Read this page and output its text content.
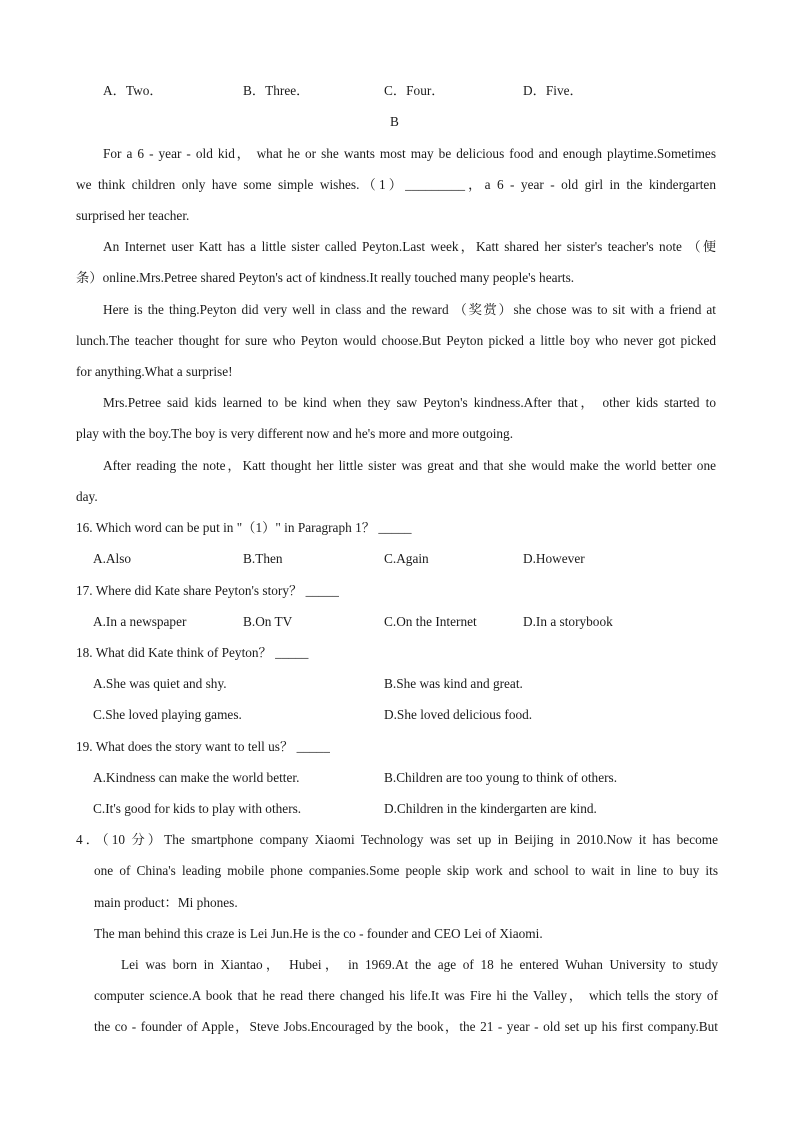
A．Two．	B．Three．	C．Four．	D．Five．
B
For a 6 - year - old kid， what he or she wants most may be delicious food and enough playtime.Sometimes
we think children only have some simple wishes.（1）_________，a 6 - year - old girl in the kindergarten
surprised her teacher.
An Internet user Katt has a little sister called Peyton.Last week，Katt shared her sister's teacher's note （便
条）online.Mrs.Petree shared Peyton's act of kindness.It really touched many people's hearts.
Here is the thing.Peyton did very well in class and the reward （奖赏）she chose was to sit with a friend at
lunch.The teacher thought for sure who Peyton would choose.But Peyton picked a little boy who never got picked
for anything.What a surprise!
Mrs.Petree said kids learned to be kind when they saw Peyton's kindness.After that， other kids started to
play with the boy.The boy is very different now and he's more and more outgoing.
After reading the note，Katt thought her little sister was great and that she would make the world better one
day.
16. Which word can be put in "（1）" in Paragraph 1？ _____
A.Also	B.Then	C.Again	D.However
17. Where did Kate share Peyton's story？ _____
A.In a newspaper	B.On TV	C.On the Internet	D.In a storybook
18. What did Kate think of Peyton？ _____
A.She was quiet and shy.	B.She was kind and great.
C.She loved playing games.	D.She loved delicious food.
19. What does the story want to tell us？ _____
A.Kindness can make the world better.	B.Children are too young to think of others.
C.It's good for kids to play with others.	D.Children in the kindergarten are kind.
4．（10 分）The smartphone company Xiaomi Technology was set up in Beijing in 2010.Now it has become
one of China's leading mobile phone companies.Some people skip work and school to wait in line to buy its
main product：Mi phones.
The man behind this craze is Lei Jun.He is the co - founder and CEO Lei of Xiaomi.
Lei was born in Xiantao， Hubei， in 1969.At the age of 18 he entered Wuhan University to study
computer science.A book that he read there changed his life.It was Fire hi the Valley， which tells the story of
the co - founder of Apple，Steve Jobs.Encouraged by the book，the 21 - year - old set up his first company.But
